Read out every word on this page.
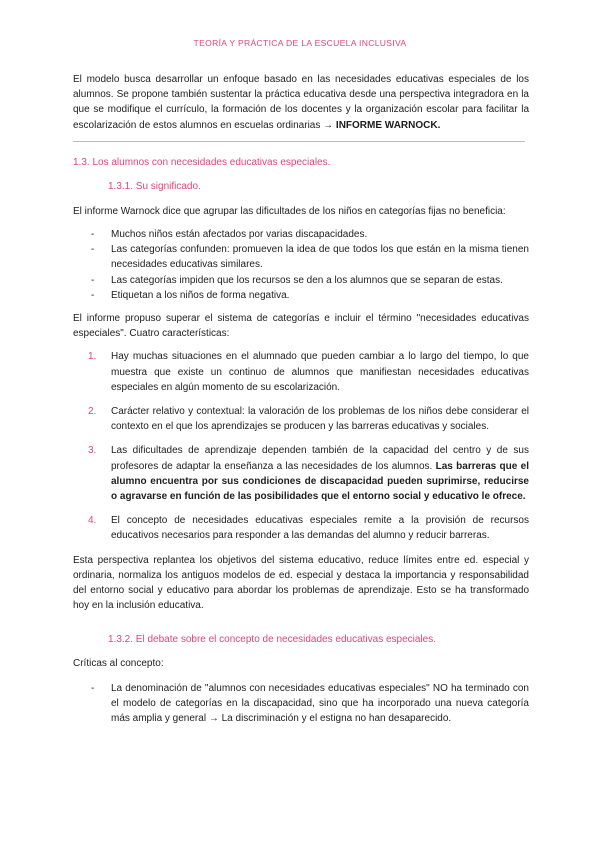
TEORÍA Y PRÁCTICA DE LA ESCUELA INCLUSIVA

El modelo busca desarrollar un enfoque basado en las necesidades educativas especiales de los alumnos. Se propone también sustentar la práctica educativa desde una perspectiva integradora en la que se modifique el currículo, la formación de los docentes y la organización escolar para facilitar la escolarización de estos alumnos en escuelas ordinarias → INFORME WARNOCK.

1.3. Los alumnos con necesidades educativas especiales.
1.3.1. Su significado.

El informe Warnock dice que agrupar las dificultades de los niños en categorías fijas no beneficia:

- Muchos niños están afectados por varias discapacidades.
- Las categorías confunden: promueven la idea de que todos los que están en la misma tienen necesidades educativas similares.
- Las categorías impiden que los recursos se den a los alumnos que se separan de estas.
- Etiquetan a los niños de forma negativa.

El informe propuso superar el sistema de categorías e incluir el término "necesidades educativas especiales". Cuatro características:

1. Hay muchas situaciones en el alumnado que pueden cambiar a lo largo del tiempo, lo que muestra que existe un continuo de alumnos que manifiestan necesidades educativas especiales en algún momento de su escolarización.
2. Carácter relativo y contextual: la valoración de los problemas de los niños debe considerar el contexto en el que los aprendizajes se producen y las barreras educativas y sociales.
3. Las dificultades de aprendizaje dependen también de la capacidad del centro y de sus profesores de adaptar la enseñanza a las necesidades de los alumnos. Las barreras que el alumno encuentra por sus condiciones de discapacidad pueden suprimirse, reducirse o agravarse en función de las posibilidades que el entorno social y educativo le ofrece.
4. El concepto de necesidades educativas especiales remite a la provisión de recursos educativos necesarios para responder a las demandas del alumno y reducir barreras.

Esta perspectiva replantea los objetivos del sistema educativo, reduce límites entre ed. especial y ordinaria, normaliza los antiguos modelos de ed. especial y destaca la importancia y responsabilidad del entorno social y educativo para abordar los problemas de aprendizaje. Esto se ha transformado hoy en la inclusión educativa.

1.3.2. El debate sobre el concepto de necesidades educativas especiales.

Críticas al concepto:

- La denominación de "alumnos con necesidades educativas especiales" NO ha terminado con el modelo de categorías en la discapacidad, sino que ha incorporado una nueva categoría más amplia y general → La discriminación y el estigna no han desaparecido.
